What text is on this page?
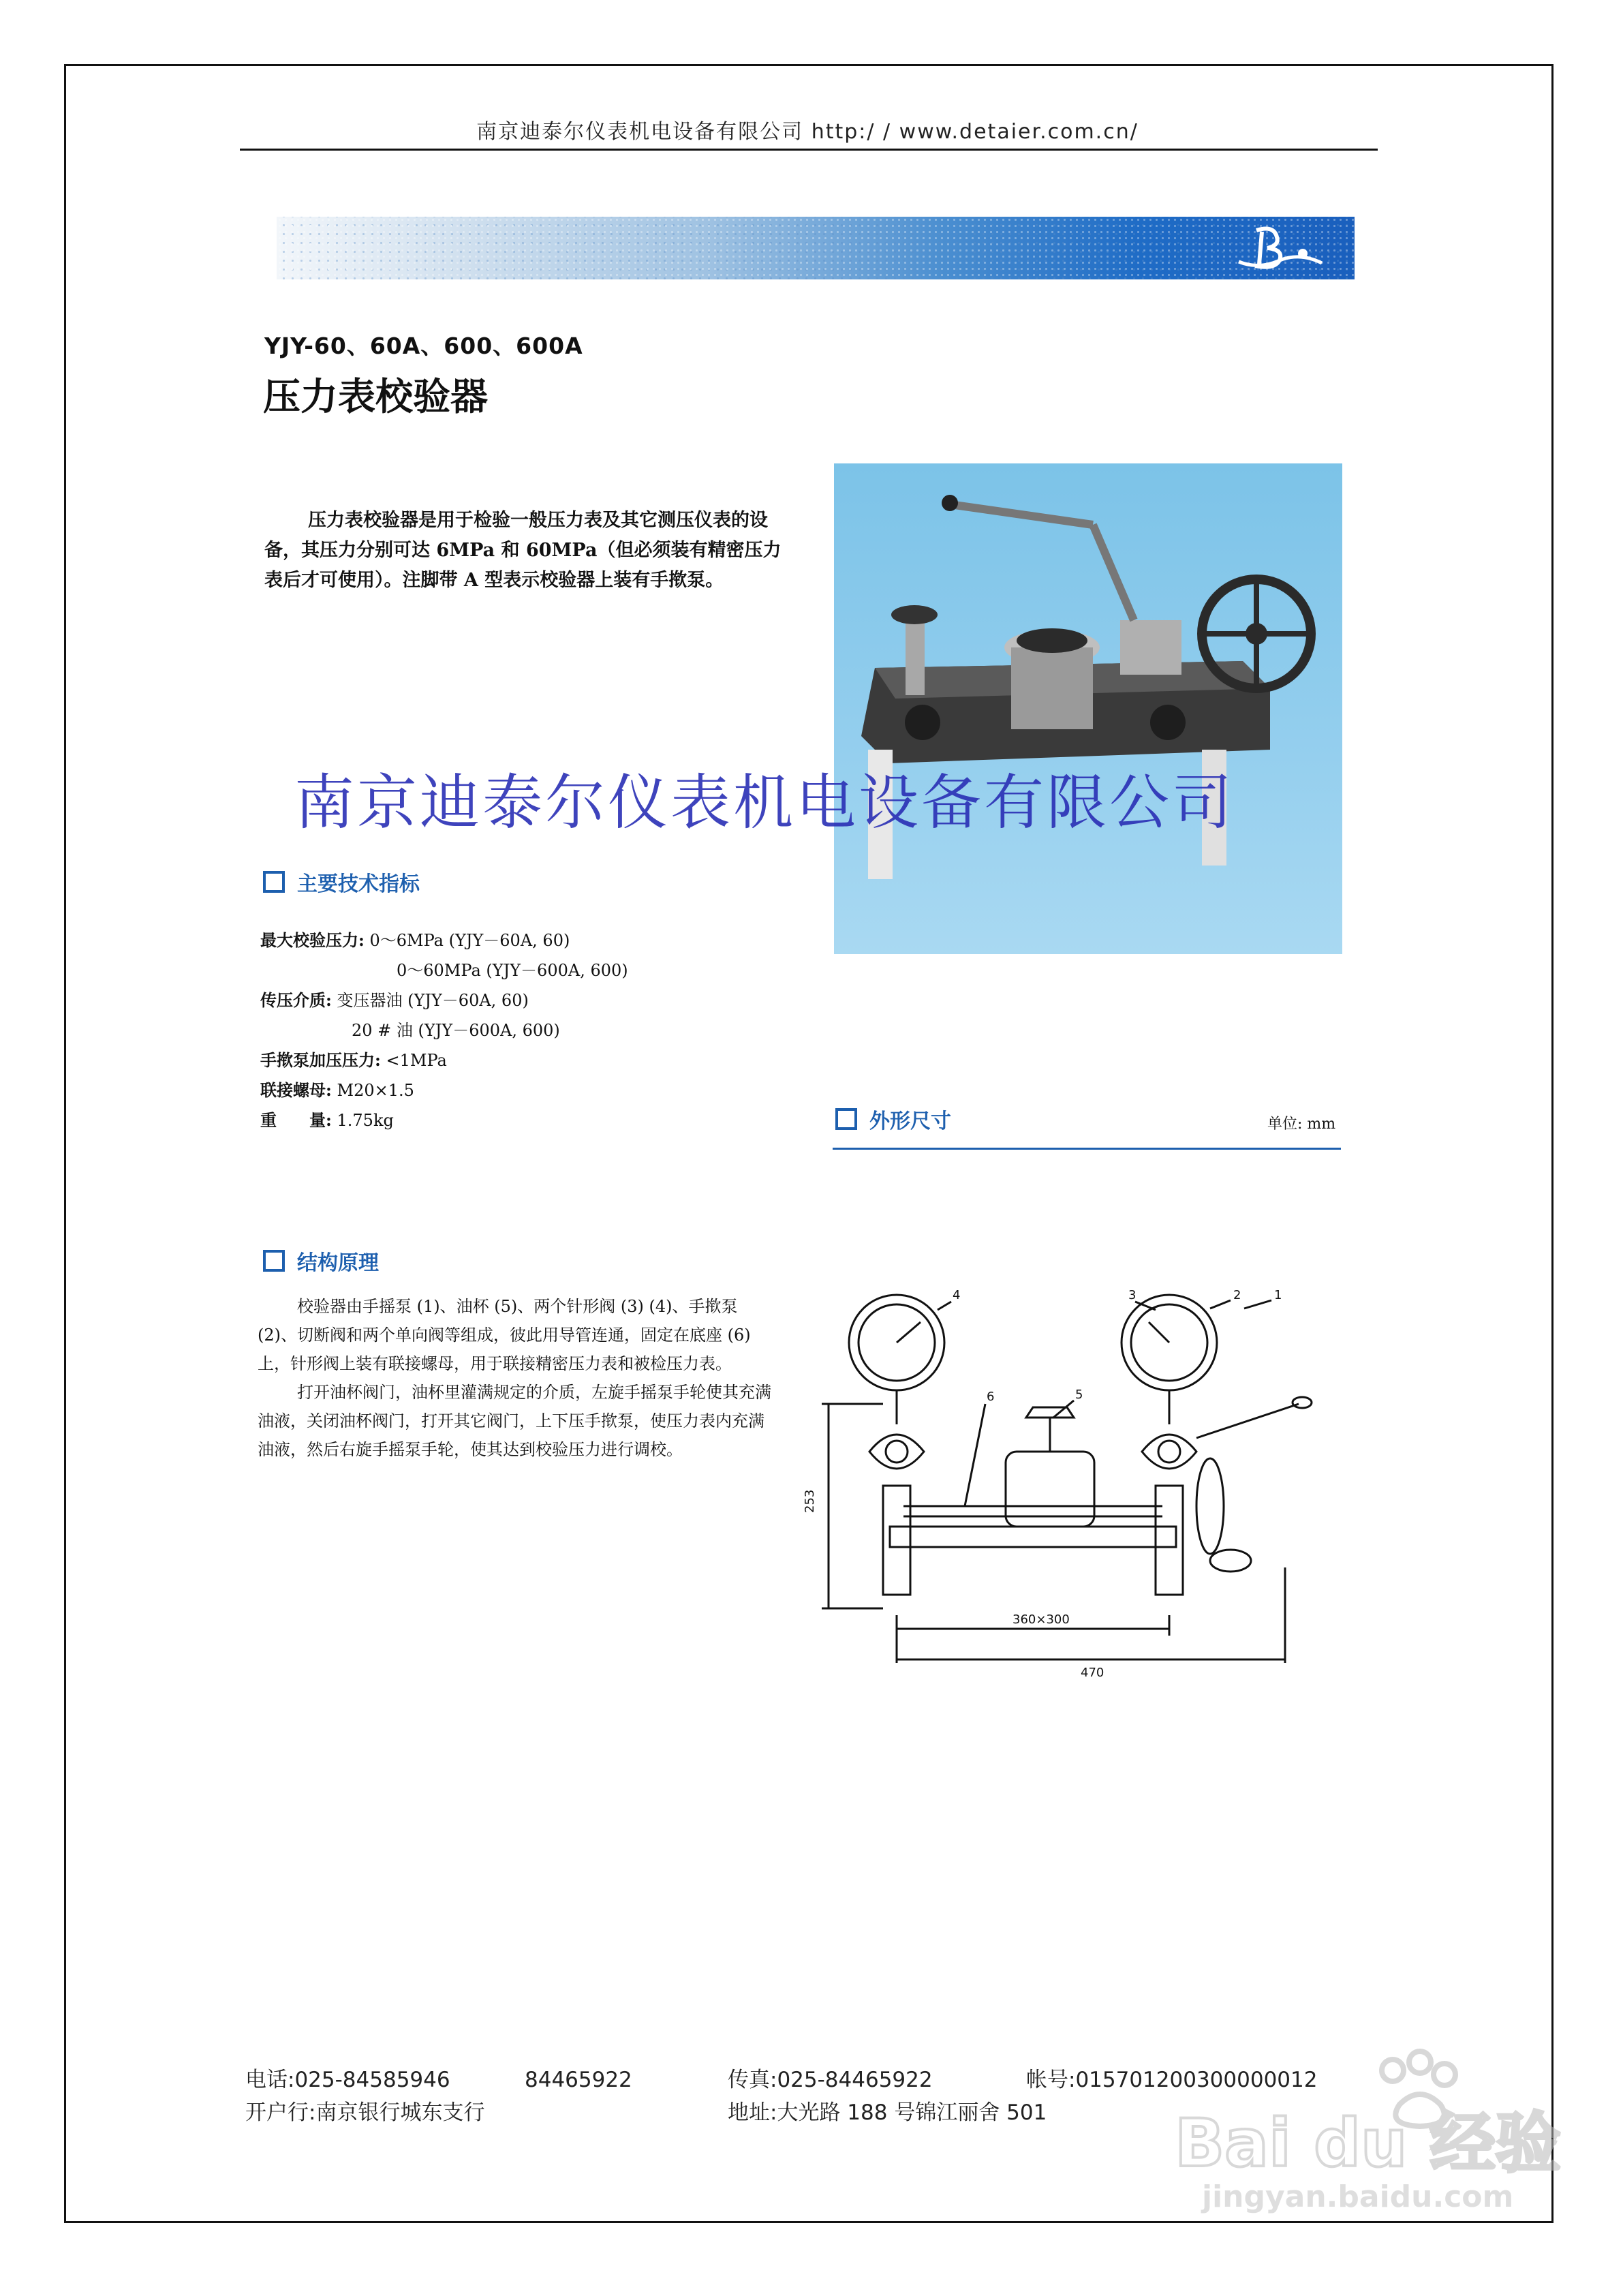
南京迪泰尔仪表机电设备有限公司 http:/ / www.detaier.com.cn/
YJY-60、60A、600、600A
压力表校验器
压力表校验器是用于检验一般压力表及其它测压仪表的设备，其压力分别可达 6MPa 和 60MPa（但必须装有精密压力表后才可使用）。注脚带 A 型表示校验器上装有手揿泵。
南京迪泰尔仪表机电设备有限公司
主要技术指标
最大校验压力: 0～6MPa (YJY－60A, 60)
0～60MPa (YJY－600A, 600)
传压介质: 变压器油 (YJY－60A, 60)
20 # 油 (YJY－600A, 600)
手揿泵加压压力: <1MPa
联接螺母: M20×1.5
重　　量: 1.75kg	外形尺寸	单位: mm
结构原理

校验器由手摇泵 (1)、油杯 (5)、两个针形阀 (3) (4)、手揿泵 (2)、切断阀和两个单向阀等组成，彼此用导管连通，固定在底座 (6) 上，针形阀上装有联接螺母，用于联接精密压力表和被检压力表。

打开油杯阀门，油杯里灌满规定的介质，左旋手摇泵手轮使其充满油液，关闭油杯阀门，打开其它阀门，上下压手揿泵，使压力表内充满油液，然后右旋手摇泵手轮，使其达到校验压力进行调校。

253
360×300
470
1
2
3
4
5
6
电话:025-84585946	84465922	传真:025-84465922	帐号:015701200300000012
开户行:南京银行城东支行	地址:大光路 188 号锦江丽舍 501 Bai du 经验
jingyan.baidu.com
